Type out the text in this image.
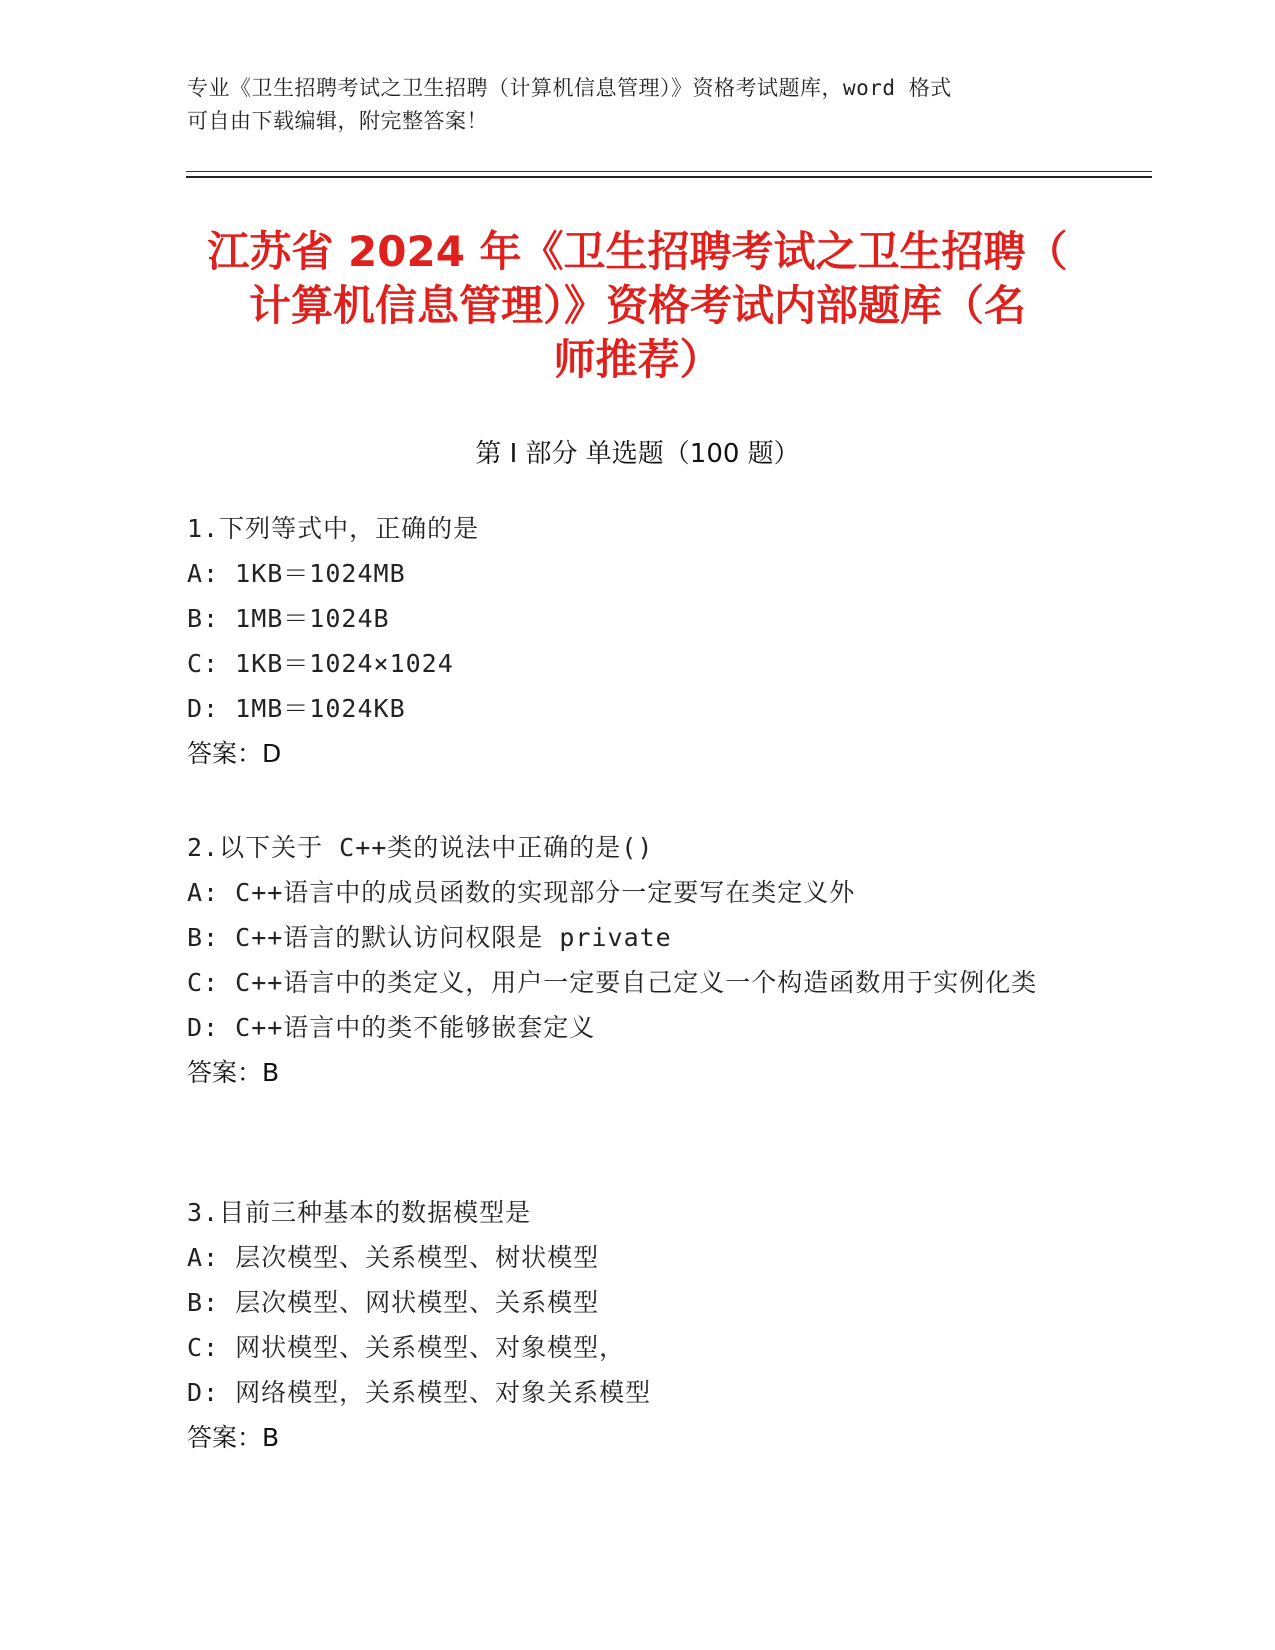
专业《卫生招聘考试之卫生招聘（计算机信息管理）》资格考试题库，word 格式
可自由下载编辑，附完整答案！
江苏省 2024 年《卫生招聘考试之卫生招聘（
计算机信息管理）》资格考试内部题库（名
师推荐）
第 I 部分 单选题（100 题）
1.下列等式中，正确的是
A: 1KB＝1024MB
B: 1MB＝1024B
C: 1KB＝1024×1024
D: 1MB＝1024KB
答案：D
2.以下关于 C++类的说法中正确的是()
A: C++语言中的成员函数的实现部分一定要写在类定义外
B: C++语言的默认访问权限是 private
C: C++语言中的类定义，用户一定要自己定义一个构造函数用于实例化类
D: C++语言中的类不能够嵌套定义
答案：B
3.目前三种基本的数据模型是
A: 层次模型、关系模型、树状模型
B: 层次模型、网状模型、关系模型
C: 网状模型、关系模型、对象模型，
D: 网络模型，关系模型、对象关系模型
答案：B
